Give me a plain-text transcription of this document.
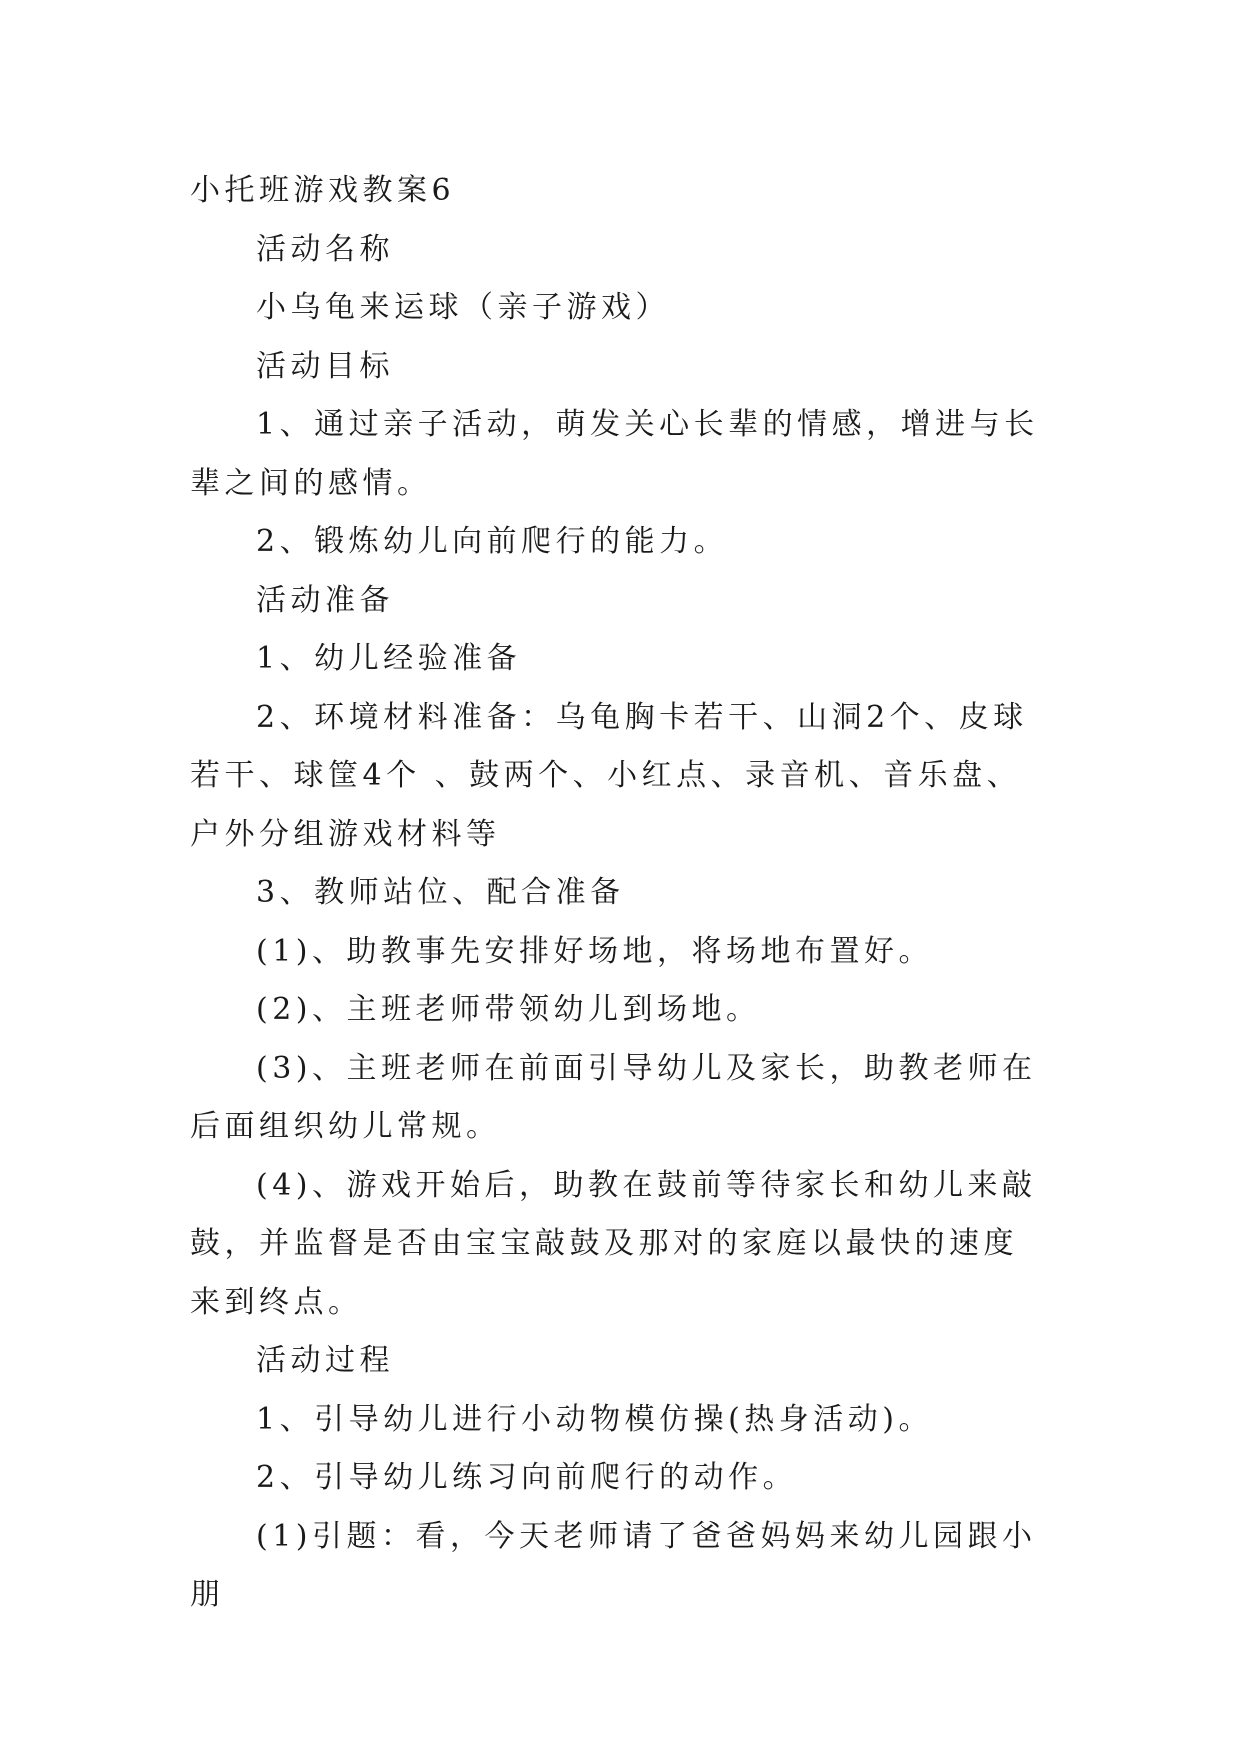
小托班游戏教案6
活动名称
小乌龟来运球（亲子游戏）
活动目标
1、通过亲子活动，萌发关心长辈的情感，增进与长辈之间的感情。
2、锻炼幼儿向前爬行的能力。
活动准备
1、幼儿经验准备
2、环境材料准备：乌龟胸卡若干、山洞2个、皮球若干、球筐4个 、鼓两个、小红点、录音机、音乐盘、户外分组游戏材料等
3、教师站位、配合准备
(1)、助教事先安排好场地，将场地布置好。
(2)、主班老师带领幼儿到场地。
(3)、主班老师在前面引导幼儿及家长，助教老师在后面组织幼儿常规。
(4)、游戏开始后，助教在鼓前等待家长和幼儿来敲鼓，并监督是否由宝宝敲鼓及那对的家庭以最快的速度来到终点。
活动过程
1、引导幼儿进行小动物模仿操(热身活动)。
2、引导幼儿练习向前爬行的动作。
(1)引题：看，今天老师请了爸爸妈妈来幼儿园跟小朋
